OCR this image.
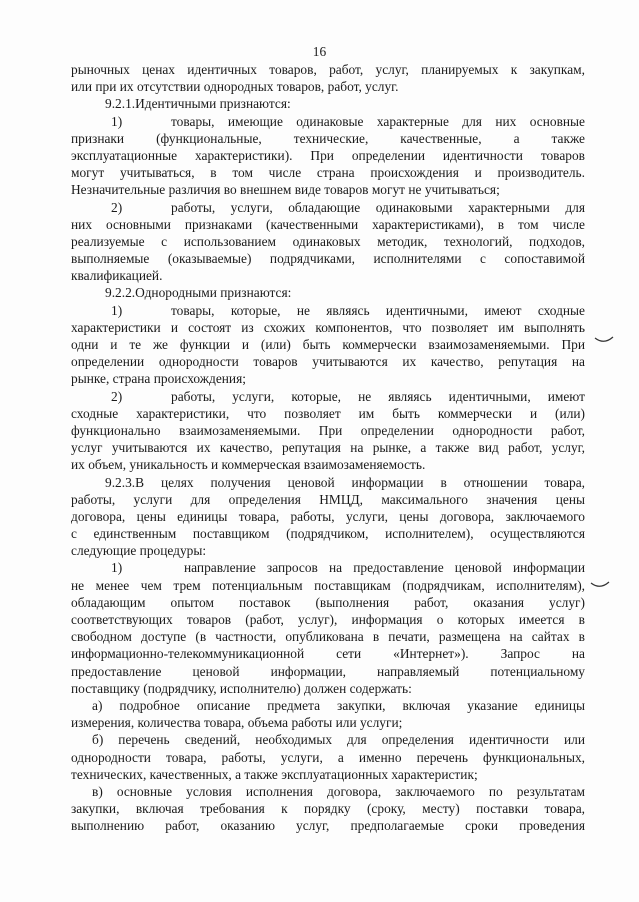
16
рыночных ценах идентичных товаров, работ, услуг, планируемых к закупкам,
или при их отсутствии однородных товаров, работ, услуг.
9.2.1.Идентичными признаются:
1)	товары, имеющие одинаковые характерные для них основные
признаки (функциональные, технические, качественные, а также
эксплуатационные характеристики). При определении идентичности товаров
могут учитываться, в том числе страна происхождения и производитель.
Незначительные различия во внешнем виде товаров могут не учитываться;
2)	работы, услуги, обладающие одинаковыми характерными для
них основными признаками (качественными характеристиками), в том числе
реализуемые с использованием одинаковых методик, технологий, подходов,
выполняемые (оказываемые) подрядчиками, исполнителями с сопоставимой
квалификацией.
9.2.2.Однородными признаются:
1)	товары, которые, не являясь идентичными, имеют сходные
характеристики и состоят из схожих компонентов, что позволяет им выполнять
одни и те же функции и (или) быть коммерчески взаимозаменяемыми. При
определении однородности товаров учитываются их качество, репутация на
рынке, страна происхождения;
2)	работы, услуги, которые, не являясь идентичными, имеют
сходные характеристики, что позволяет им быть коммерчески и (или)
функционально взаимозаменяемыми. При определении однородности работ,
услуг учитываются их качество, репутация на рынке, а также вид работ, услуг,
их объем, уникальность и коммерческая взаимозаменяемость.
9.2.3.В целях получения ценовой информации в отношении товара,
работы, услуги для определения НМЦД, максимального значения цены
договора, цены единицы товара, работы, услуги, цены договора, заключаемого
с единственным поставщиком (подрядчиком, исполнителем), осуществляются
следующие процедуры:
1)	направление запросов на предоставление ценовой информации
не менее чем трем потенциальным поставщикам (подрядчикам, исполнителям),
обладающим опытом поставок (выполнения работ, оказания услуг)
соответствующих товаров (работ, услуг), информация о которых имеется в
свободном доступе (в частности, опубликована в печати, размещена на сайтах в
информационно-телекоммуникационной сети «Интернет»). Запрос на
предоставление ценовой информации, направляемый потенциальному
поставщику (подрядчику, исполнителю) должен содержать:
а) подробное описание предмета закупки, включая указание единицы
измерения, количества товара, объема работы или услуги;
б) перечень сведений, необходимых для определения идентичности или
однородности товара, работы, услуги, а именно перечень функциональных,
технических, качественных, а также эксплуатационных характеристик;
в) основные условия исполнения договора, заключаемого по результатам
закупки, включая требования к порядку (сроку, месту) поставки товара,
выполнению работ, оказанию услуг, предполагаемые сроки проведения
